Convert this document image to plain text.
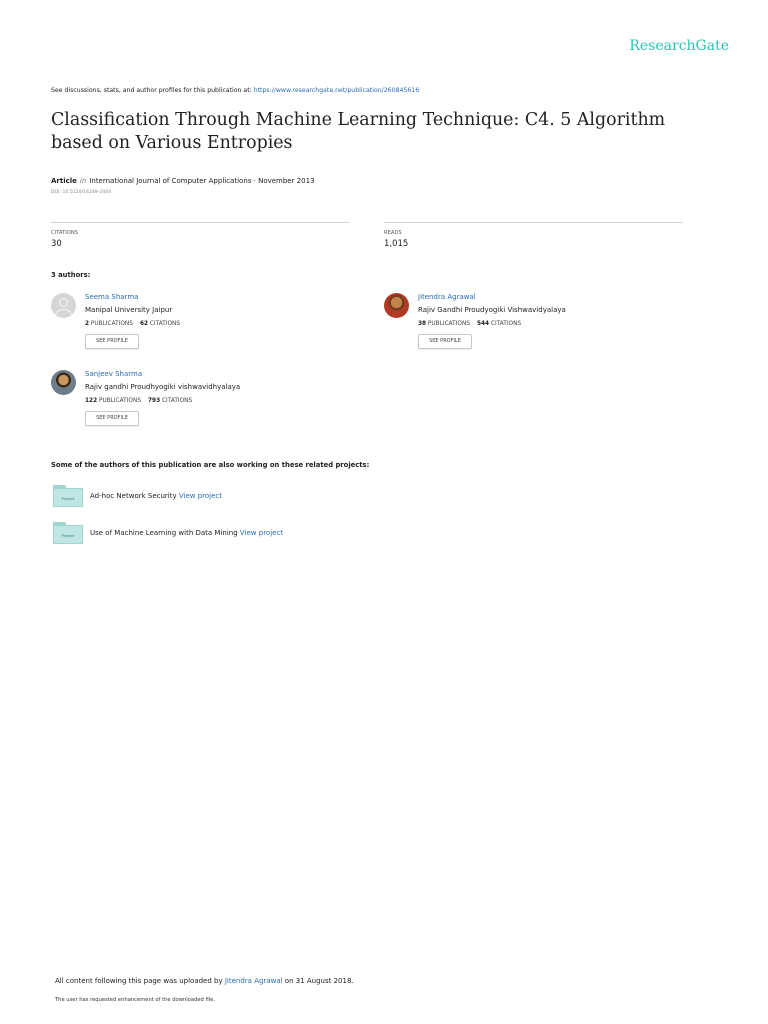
ResearchGate
See discussions, stats, and author profiles for this publication at: https://www.researchgate.net/publication/260845616
Classification Through Machine Learning Technique: C4. 5 Algorithm based on Various Entropies
Article in International Journal of Computer Applications · November 2013
DOI: 10.5120/14249-2444
CITATIONS
30
READS
1,015
3 authors:
Seema Sharma
Manipal University Jaipur
2 PUBLICATIONS 62 CITATIONS
SEE PROFILE
Jitendra Agrawal
Rajiv Gandhi Proudyogiki Vishwavidyalaya
38 PUBLICATIONS 544 CITATIONS
SEE PROFILE
Sanjeev Sharma
Rajiv gandhi Proudhyogiki vishwavidhyalaya
122 PUBLICATIONS 793 CITATIONS
SEE PROFILE
Some of the authors of this publication are also working on these related projects:
Project	Ad-hoc Network Security View project
Project	Use of Machine Learning with Data Mining View project
All content following this page was uploaded by Jitendra Agrawal on 31 August 2018.
The user has requested enhancement of the downloaded file.
